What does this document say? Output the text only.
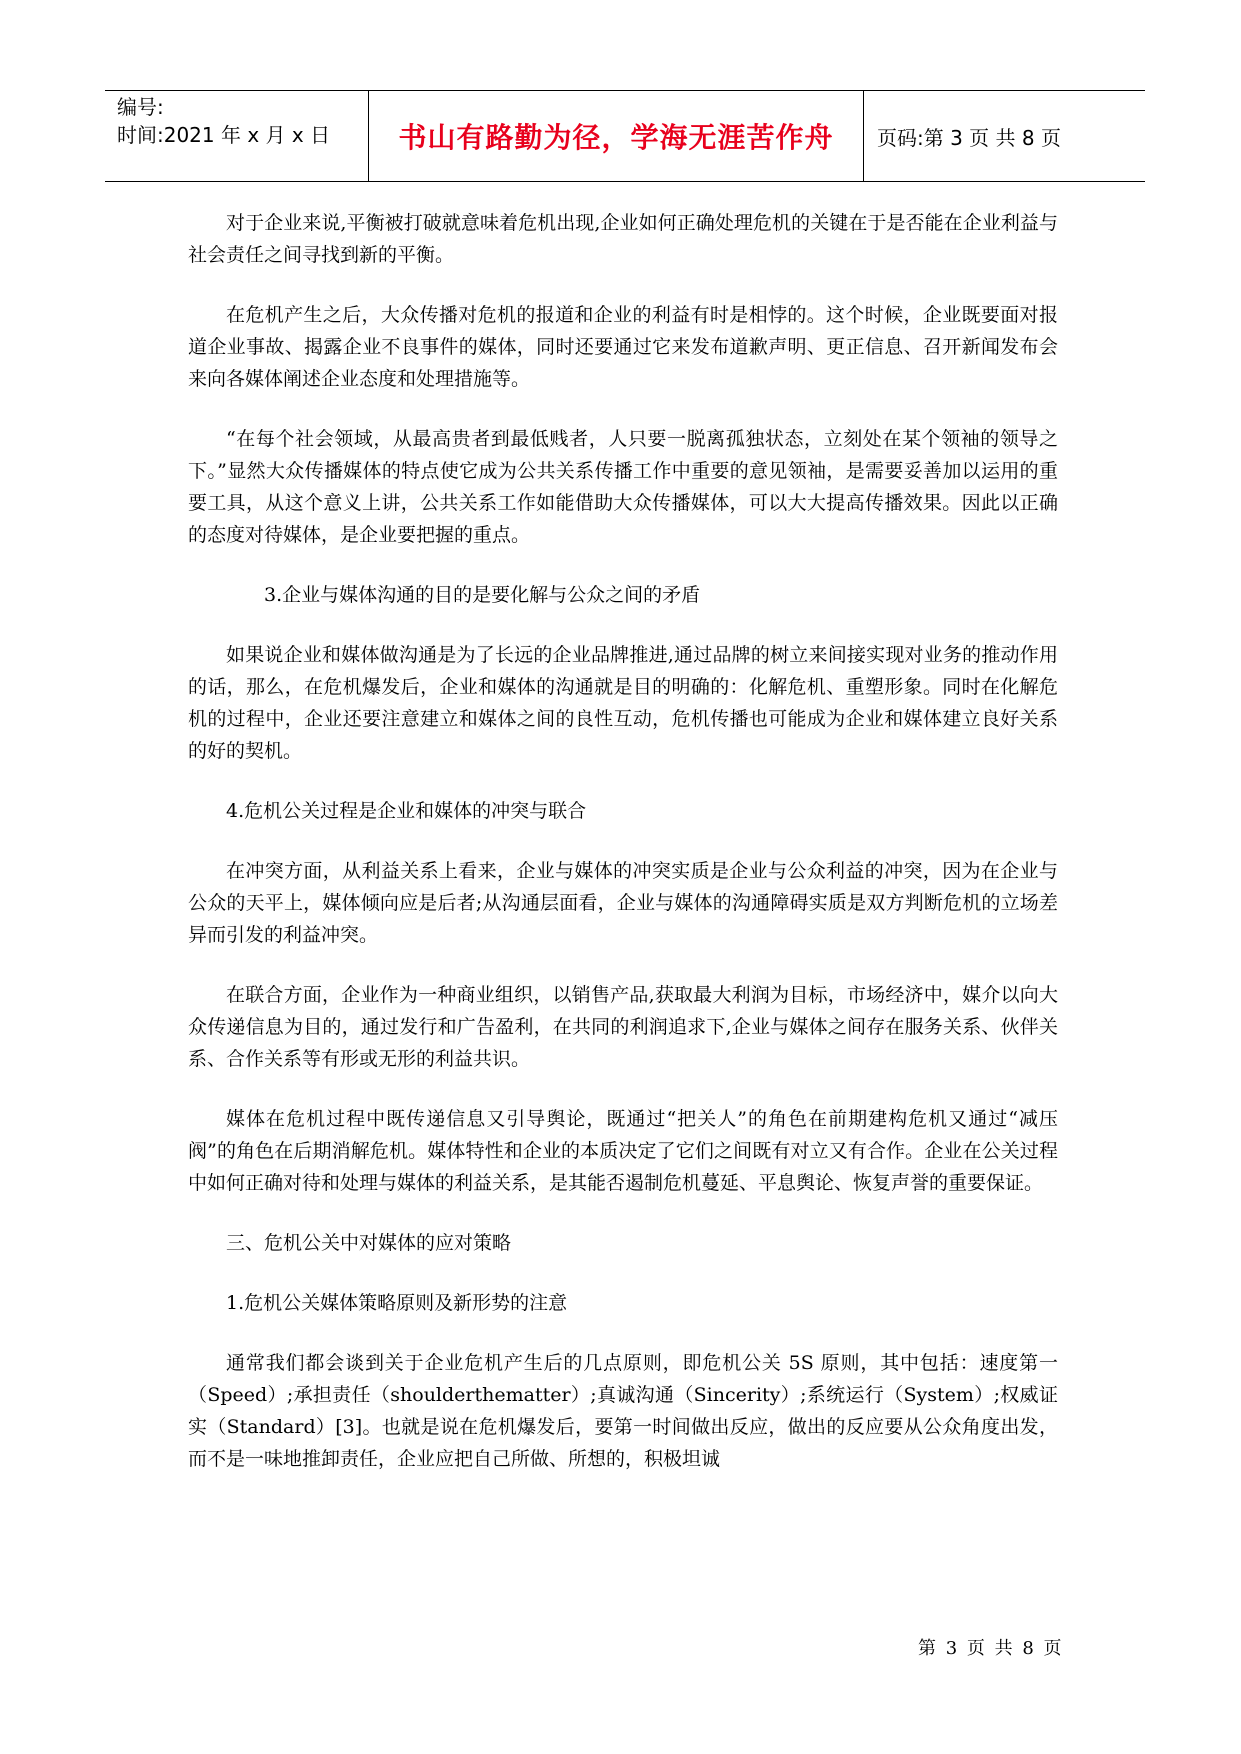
编号:
时间:2021 年 x 月 x 日	书山有路勤为径，学海无涯苦作舟	页码:第 3 页 共 8 页

对于企业来说,平衡被打破就意味着危机出现,企业如何正确处理危机的关键在于是否能在企业利益与社会责任之间寻找到新的平衡。

在危机产生之后，大众传播对危机的报道和企业的利益有时是相悖的。这个时候，企业既要面对报道企业事故、揭露企业不良事件的媒体，同时还要通过它来发布道歉声明、更正信息、召开新闻发布会来向各媒体阐述企业态度和处理措施等。

“在每个社会领域，从最高贵者到最低贱者，人只要一脱离孤独状态，立刻处在某个领袖的领导之下。”显然大众传播媒体的特点使它成为公共关系传播工作中重要的意见领袖，是需要妥善加以运用的重要工具，从这个意义上讲，公共关系工作如能借助大众传播媒体，可以大大提高传播效果。因此以正确的态度对待媒体，是企业要把握的重点。

3.企业与媒体沟通的目的是要化解与公众之间的矛盾

如果说企业和媒体做沟通是为了长远的企业品牌推进,通过品牌的树立来间接实现对业务的推动作用的话，那么，在危机爆发后，企业和媒体的沟通就是目的明确的：化解危机、重塑形象。同时在化解危机的过程中，企业还要注意建立和媒体之间的良性互动，危机传播也可能成为企业和媒体建立良好关系的好的契机。

4.危机公关过程是企业和媒体的冲突与联合

在冲突方面，从利益关系上看来，企业与媒体的冲突实质是企业与公众利益的冲突，因为在企业与公众的天平上，媒体倾向应是后者;从沟通层面看，企业与媒体的沟通障碍实质是双方判断危机的立场差异而引发的利益冲突。

在联合方面，企业作为一种商业组织，以销售产品,获取最大利润为目标，市场经济中，媒介以向大众传递信息为目的，通过发行和广告盈利，在共同的利润追求下,企业与媒体之间存在服务关系、伙伴关系、合作关系等有形或无形的利益共识。

媒体在危机过程中既传递信息又引导舆论，既通过“把关人”的角色在前期建构危机又通过“减压阀”的角色在后期消解危机。媒体特性和企业的本质决定了它们之间既有对立又有合作。企业在公关过程中如何正确对待和处理与媒体的利益关系，是其能否遏制危机蔓延、平息舆论、恢复声誉的重要保证。

三、危机公关中对媒体的应对策略

1.危机公关媒体策略原则及新形势的注意

通常我们都会谈到关于企业危机产生后的几点原则，即危机公关 5S 原则，其中包括：速度第一（Speed）;承担责任（shoulderthematter）;真诚沟通（Sincerity）;系统运行（System）;权威证实（Standard）[3]。也就是说在危机爆发后，要第一时间做出反应，做出的反应要从公众角度出发，而不是一味地推卸责任，企业应把自己所做、所想的，积极坦诚

第 3 页 共 8 页
